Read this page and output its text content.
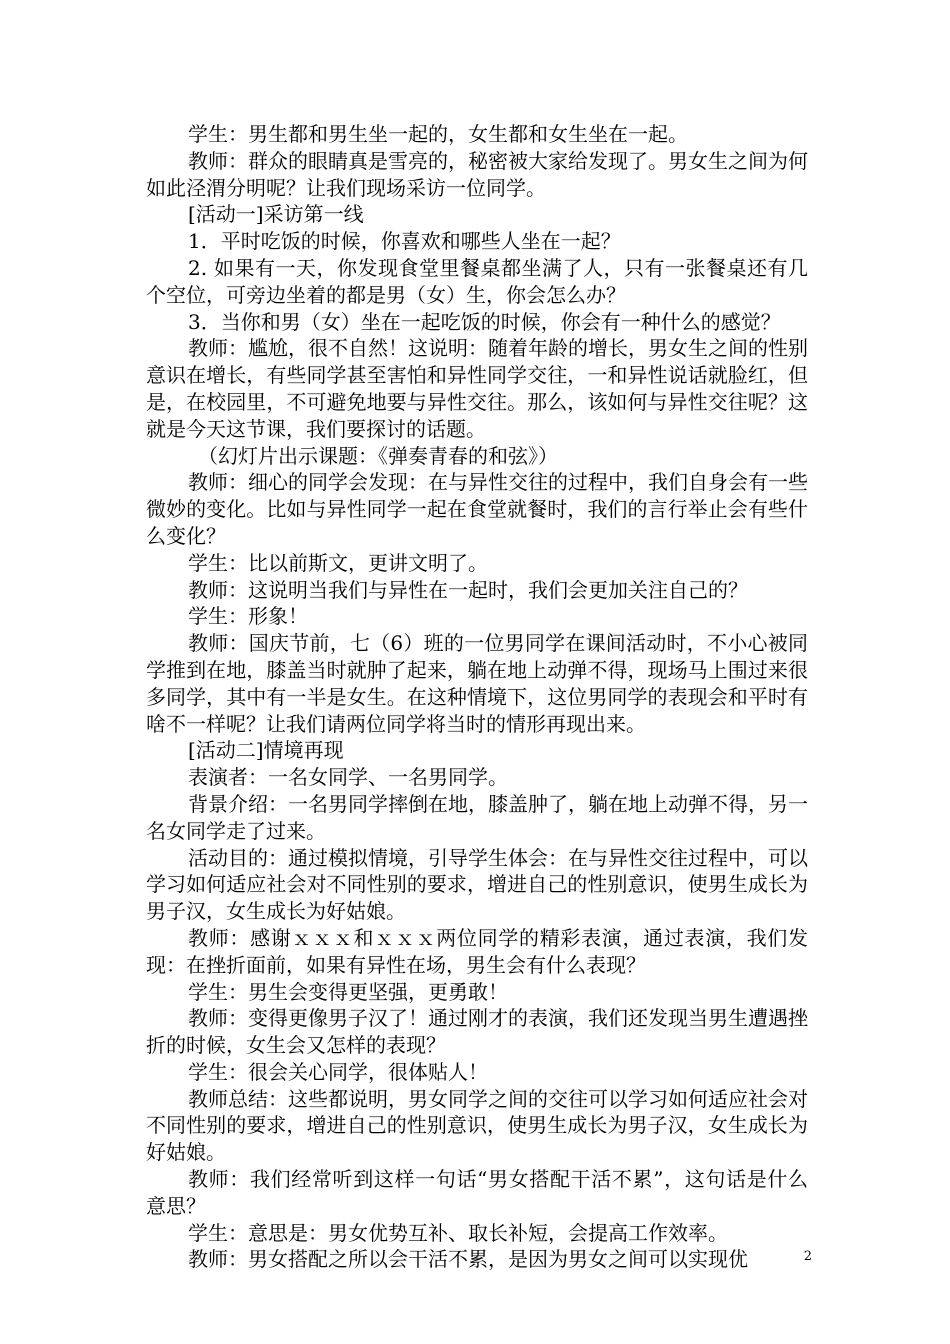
学生：男生都和男生坐一起的，女生都和女生坐在一起。

教师：群众的眼睛真是雪亮的，秘密被大家给发现了。男女生之间为何如此泾渭分明呢？让我们现场采访一位同学。

[活动一]采访第一线

1．平时吃饭的时候，你喜欢和哪些人坐在一起？

2. 如果有一天，你发现食堂里餐桌都坐满了人，只有一张餐桌还有几个空位，可旁边坐着的都是男（女）生，你会怎么办？

3．当你和男（女）坐在一起吃饭的时候，你会有一种什么的感觉？

教师：尴尬，很不自然！这说明：随着年龄的增长，男女生之间的性别意识在增长，有些同学甚至害怕和异性同学交往，一和异性说话就脸红，但是，在校园里，不可避免地要与异性交往。那么，该如何与异性交往呢？这就是今天这节课，我们要探讨的话题。

（幻灯片出示课题：《弹奏青春的和弦》）

教师：细心的同学会发现：在与异性交往的过程中，我们自身会有一些微妙的变化。比如与异性同学一起在食堂就餐时，我们的言行举止会有些什么变化？

学生：比以前斯文，更讲文明了。

教师：这说明当我们与异性在一起时，我们会更加关注自己的？

学生：形象！

教师：国庆节前，七（6）班的一位男同学在课间活动时，不小心被同学推到在地，膝盖当时就肿了起来，躺在地上动弹不得，现场马上围过来很多同学，其中有一半是女生。在这种情境下，这位男同学的表现会和平时有啥不一样呢？让我们请两位同学将当时的情形再现出来。

[活动二]情境再现

表演者：一名女同学、一名男同学。

背景介绍：一名男同学摔倒在地，膝盖肿了，躺在地上动弹不得，另一名女同学走了过来。

活动目的：通过模拟情境，引导学生体会：在与异性交往过程中，可以学习如何适应社会对不同性别的要求，增进自己的性别意识，使男生成长为男子汉，女生成长为好姑娘。

教师：感谢ｘｘｘ和ｘｘｘ两位同学的精彩表演，通过表演，我们发现：在挫折面前，如果有异性在场，男生会有什么表现？

学生：男生会变得更坚强，更勇敢！

教师：变得更像男子汉了！通过刚才的表演，我们还发现当男生遭遇挫折的时候，女生会又怎样的表现？

学生：很会关心同学，很体贴人！

教师总结：这些都说明，男女同学之间的交往可以学习如何适应社会对不同性别的要求，增进自己的性别意识，使男生成长为男子汉，女生成长为好姑娘。

教师：我们经常听到这样一句话“男女搭配干活不累”，这句话是什么意思？

学生：意思是：男女优势互补、取长补短，会提高工作效率。

教师：男女搭配之所以会干活不累，是因为男女之间可以实现优	2
